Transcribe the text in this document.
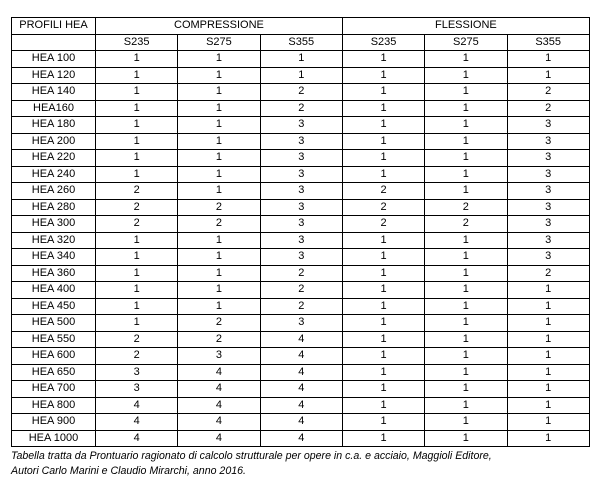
PROFILI HEA	COMPRESSIONE			FLESSIONE		
	S235	S275	S355	S235	S275	S355
HEA 100	1	1	1	1	1	1
HEA 120	1	1	1	1	1	1
HEA 140	1	1	2	1	1	2
HEA160	1	1	2	1	1	2
HEA 180	1	1	3	1	1	3
HEA 200	1	1	3	1	1	3
HEA 220	1	1	3	1	1	3
HEA 240	1	1	3	1	1	3
HEA 260	2	1	3	2	1	3
HEA 280	2	2	3	2	2	3
HEA 300	2	2	3	2	2	3
HEA 320	1	1	3	1	1	3
HEA 340	1	1	3	1	1	3
HEA 360	1	1	2	1	1	2
HEA 400	1	1	2	1	1	1
HEA 450	1	1	2	1	1	1
HEA 500	1	2	3	1	1	1
HEA 550	2	2	4	1	1	1
HEA 600	2	3	4	1	1	1
HEA 650	3	4	4	1	1	1
HEA 700	3	4	4	1	1	1
HEA 800	4	4	4	1	1	1
HEA 900	4	4	4	1	1	1
HEA 1000	4	4	4	1	1	1
Tabella tratta da Prontuario ragionato di calcolo strutturale per opere in c.a. e acciaio, Maggioli Editore,
Autori Carlo Marini e Claudio Mirarchi, anno 2016.
